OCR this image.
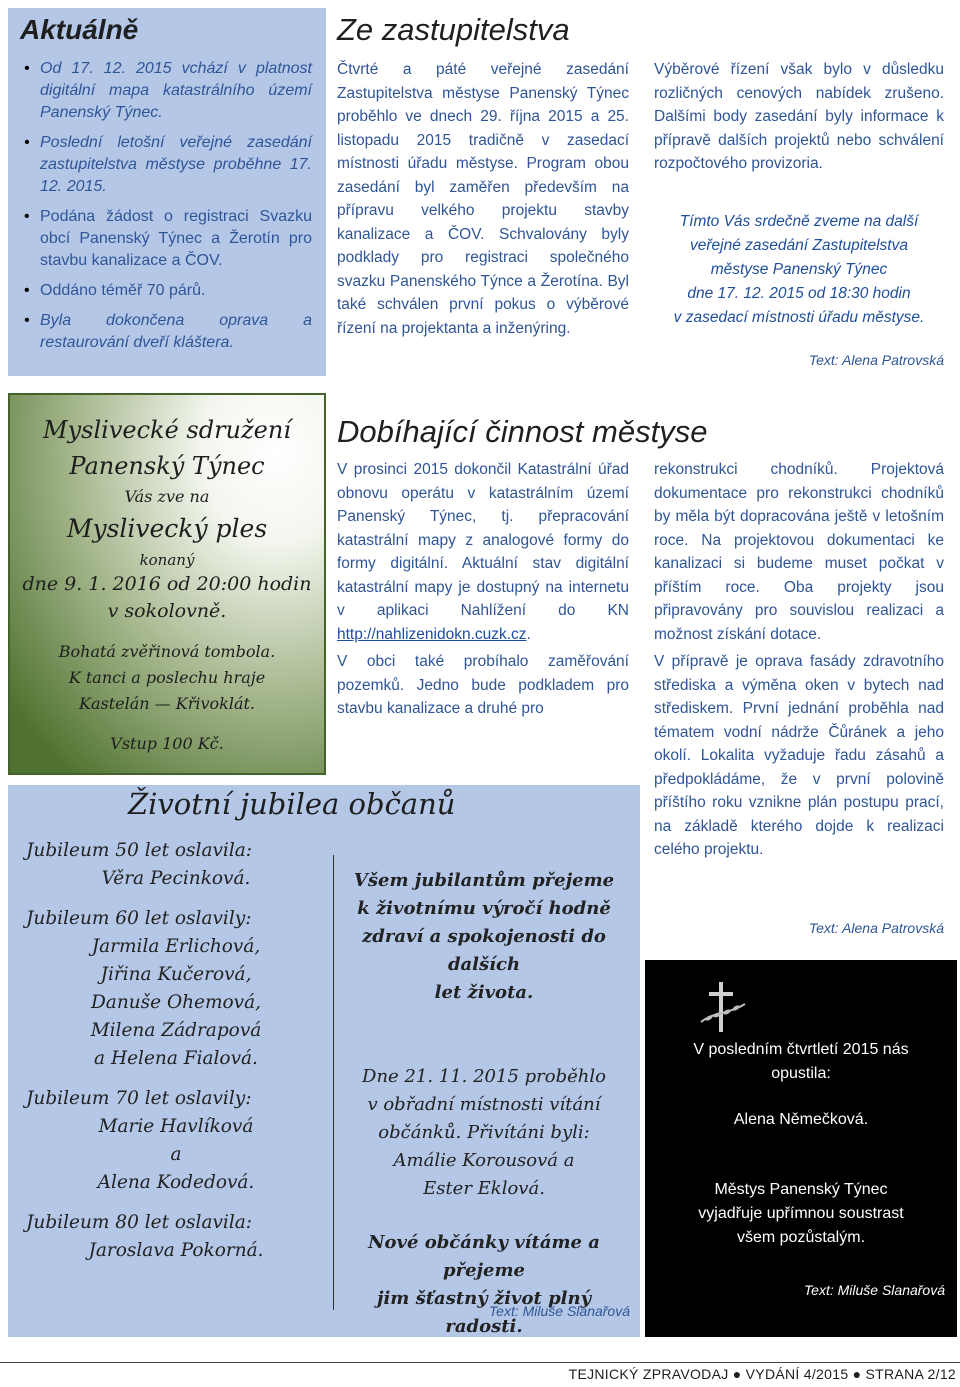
Aktuálně
• Od 17. 12. 2015 vchází v platnost digitální mapa katastrálního území Panenský Týnec.
• Poslední letošní veřejné zasedání zastupitelstva městyse proběhne 17. 12. 2015.
• Podána žádost o registraci Svazku obcí Panenský Týnec a Žerotín pro stavbu kanalizace a ČOV.
• Oddáno téměř 70 párů.
• Byla dokončena oprava a restaurování dveří kláštera.
Ze zastupitelstva

Čtvrté a páté veřejné zasedání Zastupitelstva městyse Panenský Týnec proběhlo ve dnech 29. října 2015 a 25. listopadu 2015 tradičně v zasedací místnosti úřadu městyse. Program obou zasedání byl zaměřen především na přípravu velkého projektu stavby kanalizace a ČOV. Schvalovány byly podklady pro registraci společného svazku Panenského Týnce a Žerotína. Byl také schválen první pokus o výběrové řízení na projektanta a inženýring.

Výběrové řízení však bylo v důsledku rozličných cenových nabídek zrušeno. Dalšími body zasedání byly informace k přípravě dalších projektů nebo schválení rozpočtového provizoria.

Tímto Vás srdečně zveme na další
veřejné zasedání Zastupitelstva
městyse Panenský Týnec
dne 17. 12. 2015 od 18:30 hodin
v zasedací místnosti úřadu městyse.
Text: Alena Patrovská
Myslivecké sdružení
Panenský Týnec
Vás zve na
Myslivecký ples
konaný
dne 9. 1. 2016 od 20:00 hodin
v sokolovně.
Bohatá zvěřinová tombola.
K tanci a poslechu hraje
Kastelán — Křivoklát.
Vstup 100 Kč.
Dobíhající činnost městyse

V prosinci 2015 dokončil Katastrální úřad obnovu operátu v katastrálním území Panenský Týnec, tj. přepracování katastrální mapy z analogové formy do formy digitální. Aktuální stav digitální katastrální mapy je dostupný na internetu v aplikaci Nahlížení do KN http://nahlizenidokn.cuzk.cz.

V obci také probíhalo zaměřování pozemků. Jedno bude podkladem pro stavbu kanalizace a druhé pro

rekonstrukci chodníků. Projektová dokumentace pro rekonstrukci chodníků by měla být dopracována ještě v letošním roce. Na projektovou dokumentaci ke kanalizaci si budeme muset počkat v příštím roce. Oba projekty jsou připravovány pro souvislou realizaci a možnost získání dotace.

V přípravě je oprava fasády zdravotního střediska a výměna oken v bytech nad střediskem. První jednání proběhla nad tématem vodní nádrže Čůránek a jeho okolí. Lokalita vyžaduje řadu zásahů a předpokládáme, že v první polovině příštího roku vznikne plán postupu prací, na základě kterého dojde k realizaci celého projektu.

Text: Alena Patrovská
Životní jubilea občanů
Jubileum 50 let oslavila:
Věra Pecinková.
Jubileum 60 let oslavily:
Jarmila Erlichová,
Jiřina Kučerová,
Danuše Ohemová,
Milena Zádrapová
a Helena Fialová.
Jubileum 70 let oslavily:
Marie Havlíková
a
Alena Kodedová.
Jubileum 80 let oslavila:
Jaroslava Pokorná.
Všem jubilantům přejeme
k životnímu výročí hodně
zdraví a spokojenosti do dalších
let života.
Dne 21. 11. 2015 proběhlo
v obřadní místnosti vítání
občánků. Přivítáni byli:
Amálie Korousová a
Ester Eklová.
Nové občánky vítáme a přejeme
jim šťastný život plný radosti.
Text: Miluše Slanařová
V posledním čtvrtletí 2015 nás
opustila:
Alena Němečková.
Městys Panenský Týnec
vyjadřuje upřímnou soustrast
všem pozůstalým.
Text: Miluše Slanařová
TEJNICKÝ ZPRAVODAJ ● VYDÁNÍ 4/2015 ● STRANA 2/12
